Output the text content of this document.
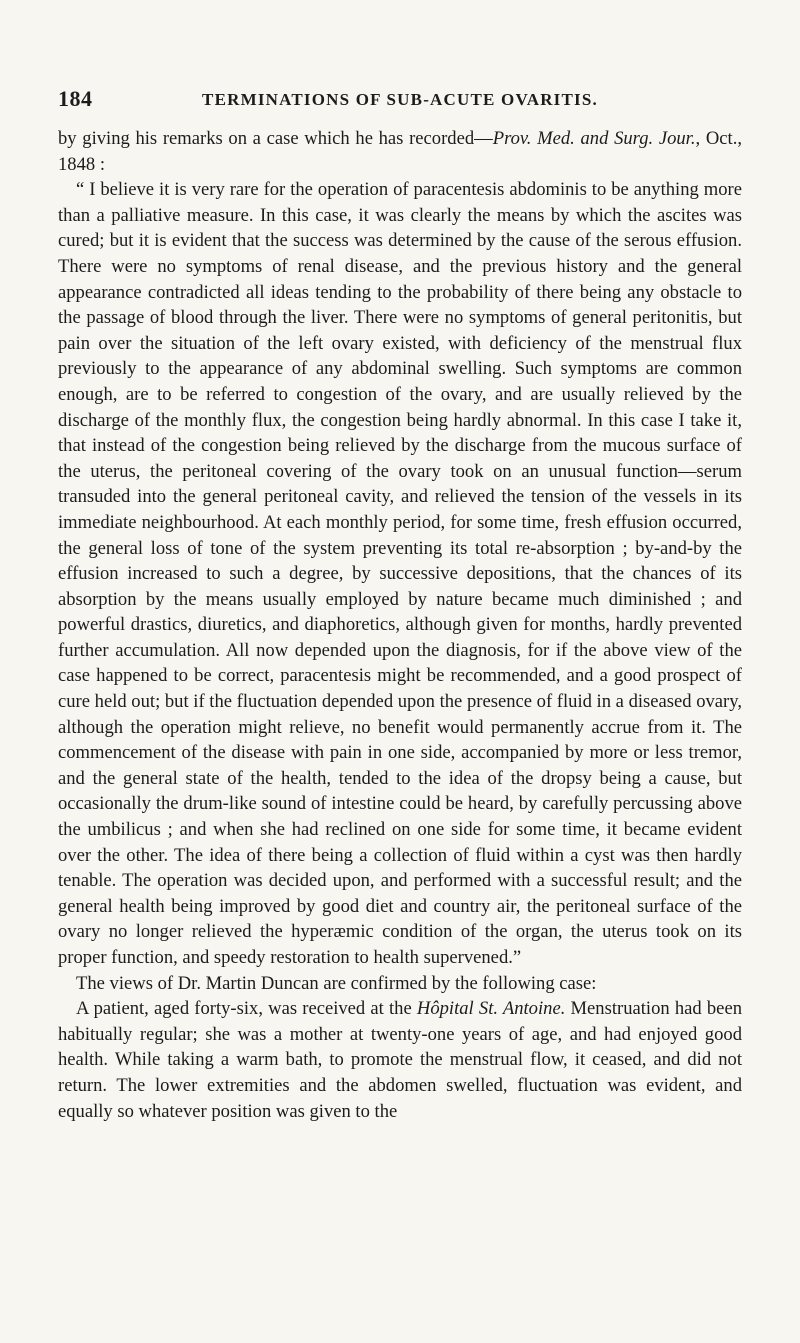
184	TERMINATIONS OF SUB-ACUTE OVARITIS.

by giving his remarks on a case which he has recorded—Prov. Med. and Surg. Jour., Oct., 1848 :

“ I believe it is very rare for the operation of paracentesis abdominis to be anything more than a palliative measure. In this case, it was clearly the means by which the ascites was cured; but it is evident that the success was determined by the cause of the serous effusion. There were no symptoms of renal disease, and the previous history and the general appearance contradicted all ideas tending to the probability of there being any obstacle to the passage of blood through the liver. There were no symptoms of general peritonitis, but pain over the situation of the left ovary existed, with deficiency of the menstrual flux previously to the appearance of any abdominal swelling. Such symptoms are common enough, are to be referred to congestion of the ovary, and are usually relieved by the discharge of the monthly flux, the congestion being hardly abnormal. In this case I take it, that instead of the congestion being relieved by the discharge from the mucous surface of the uterus, the peritoneal covering of the ovary took on an unusual function—serum transuded into the general peritoneal cavity, and relieved the tension of the vessels in its immediate neighbourhood. At each monthly period, for some time, fresh effusion occurred, the general loss of tone of the system preventing its total re-absorption ; by-and-by the effusion increased to such a degree, by successive depositions, that the chances of its absorption by the means usually employed by nature became much diminished ; and powerful drastics, diuretics, and diaphoretics, although given for months, hardly prevented further accumulation. All now depended upon the diagnosis, for if the above view of the case happened to be correct, paracentesis might be recommended, and a good prospect of cure held out; but if the fluctuation depended upon the presence of fluid in a diseased ovary, although the operation might relieve, no benefit would permanently accrue from it. The commencement of the disease with pain in one side, accompanied by more or less tremor, and the general state of the health, tended to the idea of the dropsy being a cause, but occasionally the drum-like sound of intestine could be heard, by carefully percussing above the umbilicus ; and when she had reclined on one side for some time, it became evident over the other. The idea of there being a collection of fluid within a cyst was then hardly tenable. The operation was decided upon, and performed with a successful result; and the general health being improved by good diet and country air, the peritoneal surface of the ovary no longer relieved the hyperæmic condition of the organ, the uterus took on its proper function, and speedy restoration to health supervened.”

The views of Dr. Martin Duncan are confirmed by the following case:

A patient, aged forty-six, was received at the Hôpital St. Antoine. Menstruation had been habitually regular; she was a mother at twenty-one years of age, and had enjoyed good health. While taking a warm bath, to promote the menstrual flow, it ceased, and did not return. The lower extremities and the abdomen swelled, fluctuation was evident, and equally so whatever position was given to the
